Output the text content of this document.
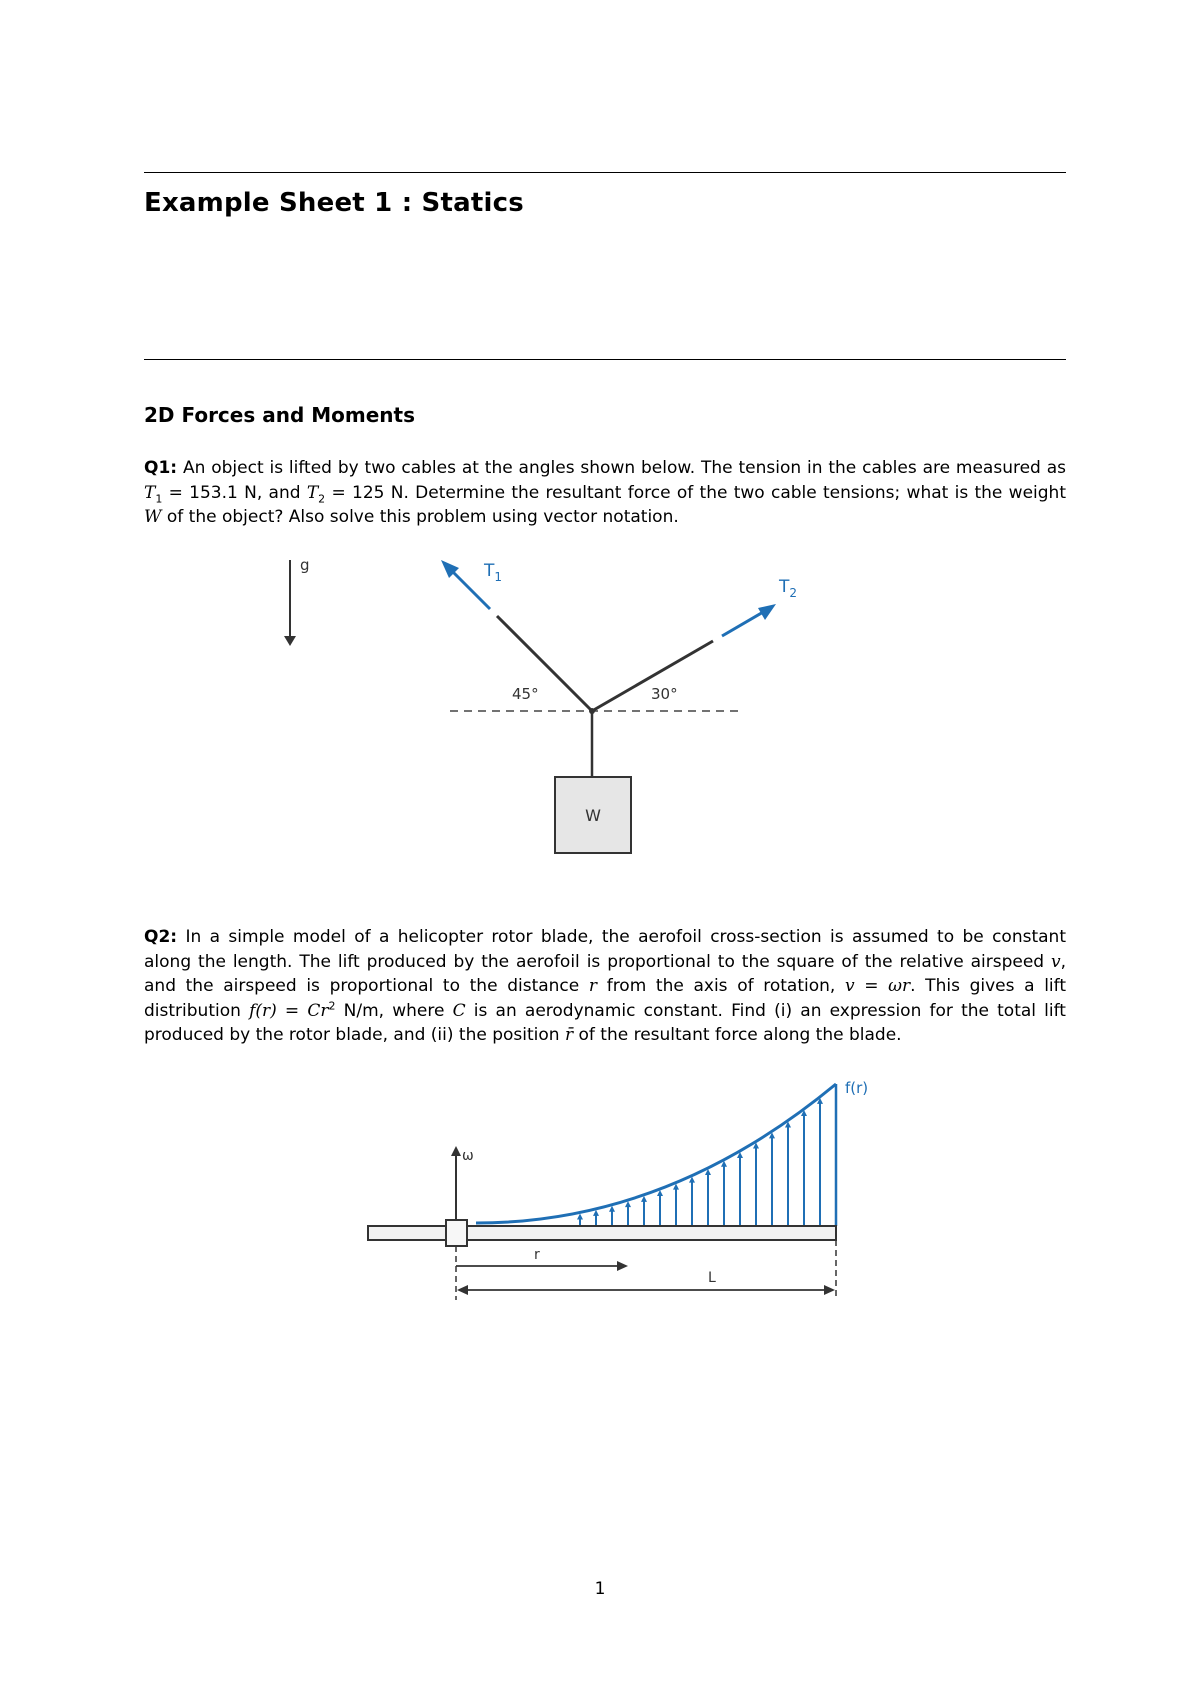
Example Sheet 1 : Statics
2D Forces and Moments
Q1: An object is lifted by two cables at the angles shown below. The tension in the cables are measured as $T_1 = 153.1$ N, and $T_2 = 125$ N. Determine the resultant force of the two cable tensions; what is the weight W of the object? Also solve this problem using vector notation.
g	$T_1$	$T_2$
45°	30°
W
Q2: In a simple model of a helicopter rotor blade, the aerofoil cross-section is assumed to be constant along the length. The lift produced by the aerofoil is proportional to the square of the relative airspeed v, and the airspeed is proportional to the distance r from the axis of rotation, v = ωr. This gives a lift distribution $f(r) = Cr^2$ N/m, where C is an aerodynamic constant. Find (i) an expression for the total lift produced by the rotor blade, and (ii) the position r̄ of the resultant force along the blade.
f(r)
ω
r
L
1
